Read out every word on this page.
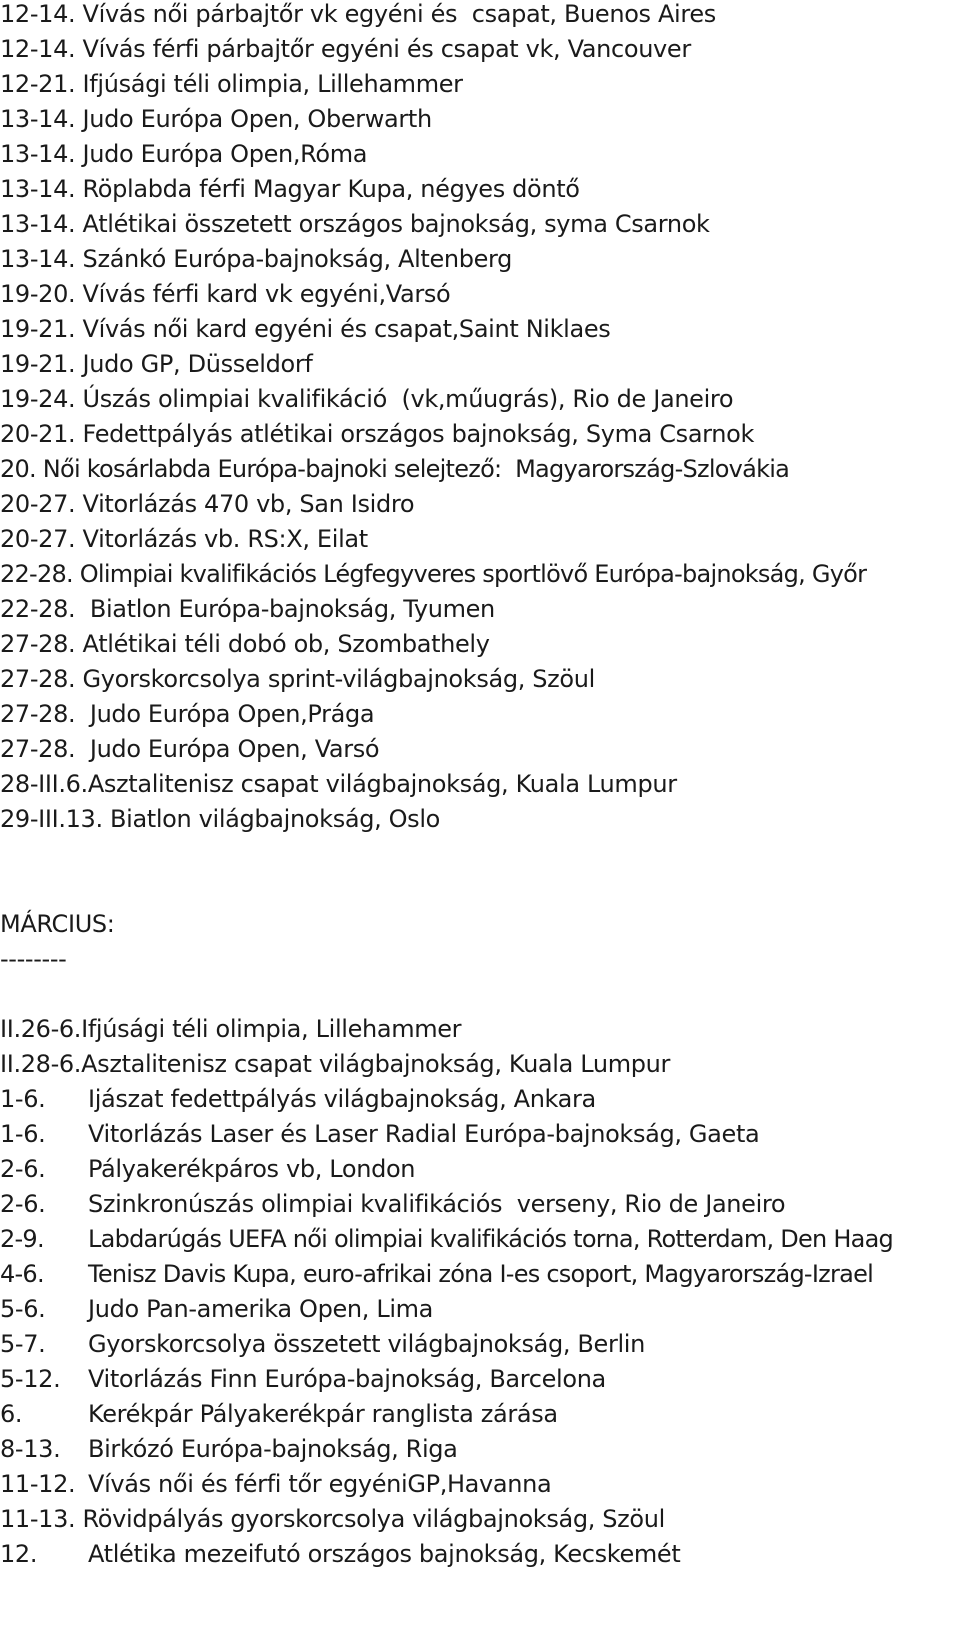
12-14. Vívás női párbajtőr vk egyéni és  csapat, Buenos Aires
12-14. Vívás férfi párbajtőr egyéni és csapat vk, Vancouver
12-21. Ifjúsági téli olimpia, Lillehammer
13-14. Judo Európa Open, Oberwarth
13-14. Judo Európa Open,Róma
13-14. Röplabda férfi Magyar Kupa, négyes döntő
13-14. Atlétikai összetett országos bajnokság, syma Csarnok
13-14. Szánkó Európa-bajnokság, Altenberg
19-20. Vívás férfi kard vk egyéni,Varsó
19-21. Vívás női kard egyéni és csapat,Saint Niklaes
19-21. Judo GP, Düsseldorf
19-24. Úszás olimpiai kvalifikáció  (vk,műugrás), Rio de Janeiro
20-21. Fedettpályás atlétikai országos bajnokság, Syma Csarnok
20. Női kosárlabda Európa-bajnoki selejtező:  Magyarország-Szlovákia
20-27. Vitorlázás 470 vb, San Isidro
20-27. Vitorlázás vb. RS:X, Eilat
22-28. Olimpiai kvalifikációs Légfegyveres sportlövő Európa-bajnokság, Győr
22-28.  Biatlon Európa-bajnokság, Tyumen
27-28. Atlétikai téli dobó ob, Szombathely
27-28. Gyorskorcsolya sprint-világbajnokság, Szöul
27-28.  Judo Európa Open,Prága
27-28.  Judo Európa Open, Varsó
28-III.6.Asztalitenisz csapat világbajnokság, Kuala Lumpur
29-III.13. Biatlon világbajnokság, Oslo
MÁRCIUS:
--------
II.26-6.Ifjúsági téli olimpia, Lillehammer
II.28-6.Asztalitenisz csapat világbajnokság, Kuala Lumpur
1-6. Ijászat fedettpályás világbajnokság, Ankara
1-6. Vitorlázás Laser és Laser Radial Európa-bajnokság, Gaeta
2-6. Pályakerékpáros vb, London
2-6. Szinkronúszás olimpiai kvalifikációs  verseny, Rio de Janeiro
2-9. Labdarúgás UEFA női olimpiai kvalifikációs torna, Rotterdam, Den Haag
4-6. Tenisz Davis Kupa, euro-afrikai zóna I-es csoport, Magyarország-Izrael
5-6. Judo Pan-amerika Open, Lima
5-7. Gyorskorcsolya összetett világbajnokság, Berlin
5-12. Vitorlázás Finn Európa-bajnokság, Barcelona
6.	Kerékpár Pályakerékpár ranglista zárása
8-13. Birkózó Európa-bajnokság, Riga
11-12. Vívás női és férfi tőr egyéniGP,Havanna
11-13. Rövidpályás gyorskorcsolya világbajnokság, Szöul
12. Atlétika mezeifutó országos bajnokság, Kecskemét
